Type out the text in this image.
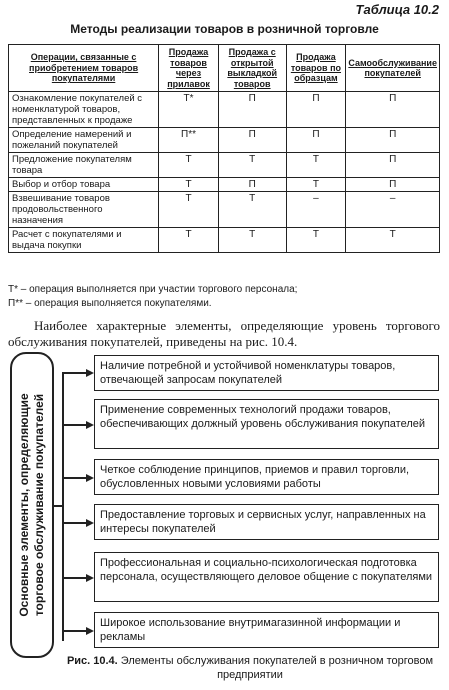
Таблица 10.2
Методы реализации товаров в розничной торговле
Операции, связанные с приобретением товаров покупателями	Продажа товаров через прилавок	Продажа с открытой выкладкой товаров	Продажа товаров по образцам	Самообслуживание покупателей
Ознакомление покупателей с номенклатурой товаров, представленных к продаже	Т*	П	П	П
Определение намерений и пожеланий покупателей	П**	П	П	П
Предложение покупателям товара	Т	Т	Т	П
Выбор и отбор товара	Т	П	Т	П
Взвешивание товаров продовольственного назначения	Т	Т	–	–
Расчет с покупателями и выдача покупки	Т	Т	Т	Т
Т* – операция выполняется при участии торгового персонала;
П** – операция выполняется покупателями.
Наиболее характерные элементы, определяющие уровень торгового обслуживания покупателей, приведены на рис. 10.4.
Основные элементы, определяющие торговое обслуживание покупателей
Наличие потребной и устойчивой номенклатуры товаров, отвечающей запросам покупателей
Применение современных технологий продажи товаров, обеспечивающих должный уровень обслуживания покупателей
Четкое соблюдение принципов, приемов и правил торговли, обусловленных новыми условиями работы
Предоставление торговых и сервисных услуг, направленных на интересы покупателей
Профессиональная и социально-психологическая подготовка персонала, осуществляющего деловое общение с покупателями
Широкое использование внутримагазинной информации и рекламы
Рис. 10.4. Элементы обслуживания покупателей в розничном торговом предприятии
